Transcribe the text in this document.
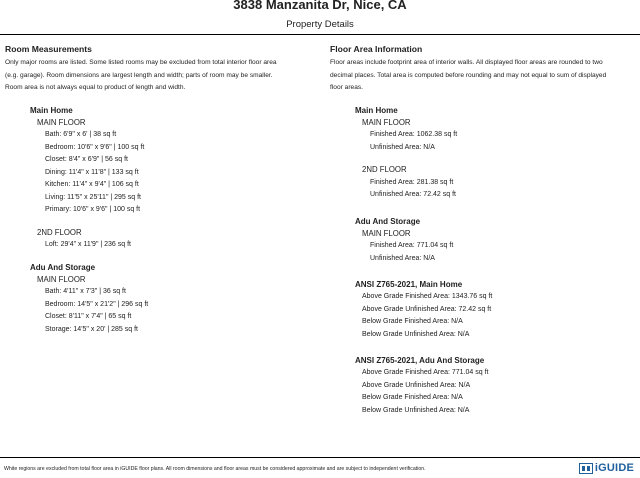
3838 Manzanita Dr, Nice, CA
Property Details
Room Measurements
Only major rooms are listed. Some listed rooms may be excluded from total interior floor area
(e.g. garage). Room dimensions are largest length and width; parts of room may be smaller.
Room area is not always equal to product of length and width.
Main Home
MAIN FLOOR
Bath: 6'9" x 6' | 38 sq ft
Bedroom: 10'6" x 9'6" | 100 sq ft
Closet: 8'4" x 6'9" | 56 sq ft
Dining: 11'4" x 11'8" | 133 sq ft
Kitchen: 11'4" x 9'4" | 106 sq ft
Living: 11'5" x 25'11" | 295 sq ft
Primary: 10'6" x 9'6" | 100 sq ft
2ND FLOOR
Loft: 29'4" x 11'9" | 236 sq ft
Adu And Storage
MAIN FLOOR
Bath: 4'11" x 7'3" | 36 sq ft
Bedroom: 14'5" x 21'2" | 296 sq ft
Closet: 8'11" x 7'4" | 65 sq ft
Storage: 14'5" x 20' | 285 sq ft
Floor Area Information
Floor areas include footprint area of interior walls. All displayed floor areas are rounded to two
decimal places. Total area is computed before rounding and may not equal to sum of displayed
floor areas.
Main Home
MAIN FLOOR
Finished Area: 1062.38 sq ft
Unfinished Area: N/A
2ND FLOOR
Finished Area: 281.38 sq ft
Unfinished Area: 72.42 sq ft
Adu And Storage
MAIN FLOOR
Finished Area: 771.04 sq ft
Unfinished Area: N/A
ANSI Z765-2021, Main Home
Above Grade Finished Area: 1343.76 sq ft
Above Grade Unfinished Area: 72.42 sq ft
Below Grade Finished Area: N/A
Below Grade Unfinished Area: N/A
ANSI Z765-2021, Adu And Storage
Above Grade Finished Area: 771.04 sq ft
Above Grade Unfinished Area: N/A
Below Grade Finished Area: N/A
Below Grade Unfinished Area: N/A
White regions are excluded from total floor area in iGUIDE floor plans. All room dimensions and floor areas must be considered approximate and are subject to independent verification.	iGUIDE
